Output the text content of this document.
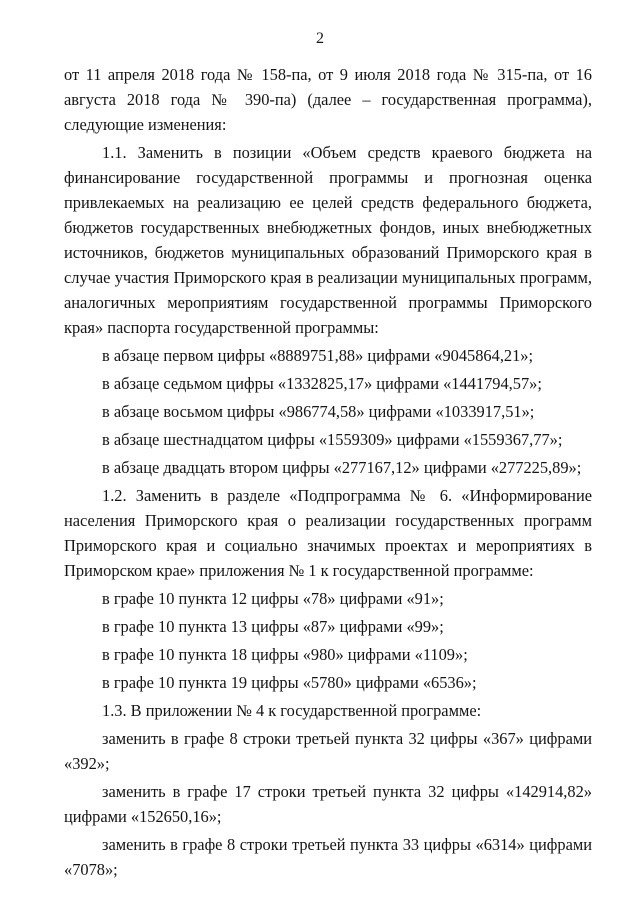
2

от 11 апреля 2018 года № 158-па, от 9 июля 2018 года № 315-па, от 16 августа 2018 года № 390-па) (далее – государственная программа), следующие изменения:

1.1. Заменить в позиции «Объем средств краевого бюджета на финансирование государственной программы и прогнозная оценка привлекаемых на реализацию ее целей средств федерального бюджета, бюджетов государственных внебюджетных фондов, иных внебюджетных источников, бюджетов муниципальных образований Приморского края в случае участия Приморского края в реализации муниципальных программ, аналогичных мероприятиям государственной программы Приморского края» паспорта государственной программы:

в абзаце первом цифры «8889751,88» цифрами «9045864,21»;

в абзаце седьмом цифры «1332825,17» цифрами «1441794,57»;

в абзаце восьмом цифры «986774,58» цифрами «1033917,51»;

в абзаце шестнадцатом цифры «1559309» цифрами «1559367,77»;

в абзаце двадцать втором цифры «277167,12» цифрами «277225,89»;

1.2. Заменить в разделе «Подпрограмма № 6. «Информирование населения Приморского края о реализации государственных программ Приморского края и социально значимых проектах и мероприятиях в Приморском крае» приложения № 1 к государственной программе:

в графе 10 пункта 12 цифры «78» цифрами «91»;

в графе 10 пункта 13 цифры «87» цифрами «99»;

в графе 10 пункта 18 цифры «980» цифрами «1109»;

в графе 10 пункта 19 цифры «5780» цифрами «6536»;

1.3. В приложении № 4 к государственной программе:

заменить в графе 8 строки третьей пункта 32 цифры «367» цифрами «392»;

заменить в графе 17 строки третьей пункта 32 цифры «142914,82» цифрами «152650,16»;

заменить в графе 8 строки третьей пункта 33 цифры «6314» цифрами «7078»;
